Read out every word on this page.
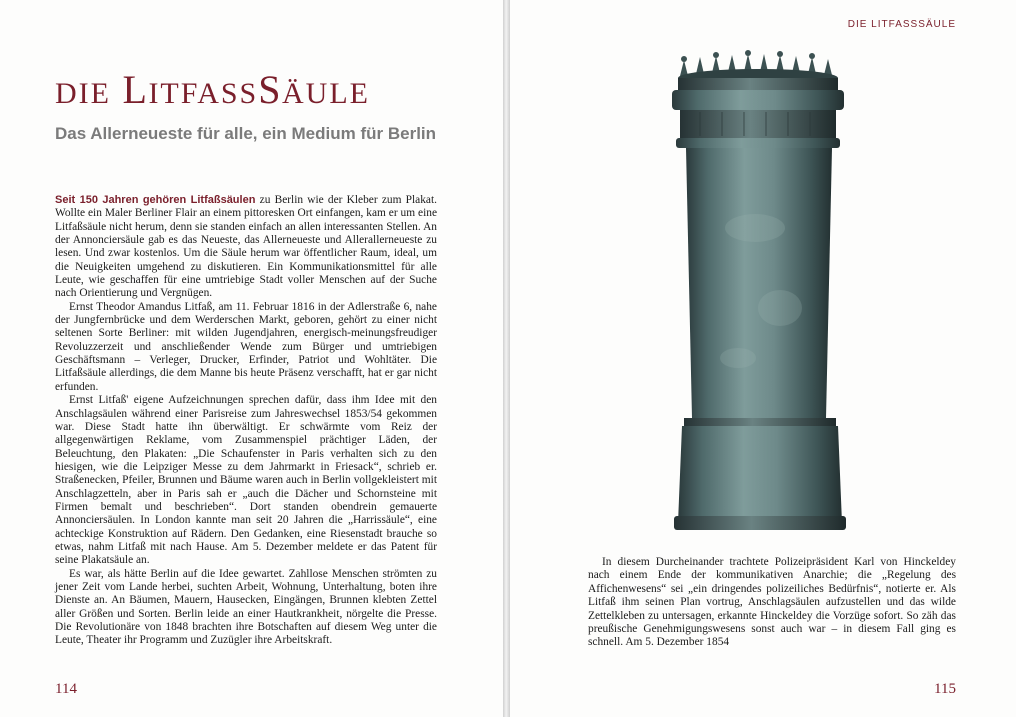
DIE LITFASSSÄULE
Das Allerneueste für alle, ein Medium für Berlin

Seit 150 Jahren gehören Litfaßsäulen zu Berlin wie der Kleber zum Plakat. Wollte ein Maler Berliner Flair an einem pittoresken Ort einfangen, kam er um eine Litfaßsäule nicht herum, denn sie standen einfach an allen interessanten Stellen. An der Annonciersäule gab es das Neueste, das Allerneueste und Allerallerneueste zu lesen. Und zwar kostenlos. Um die Säule herum war öffentlicher Raum, ideal, um die Neuigkeiten umgehend zu diskutieren. Ein Kommunikationsmittel für alle Leute, wie geschaffen für eine umtriebige Stadt voller Menschen auf der Suche nach Orientierung und Vergnügen.

Ernst Theodor Amandus Litfaß, am 11. Februar 1816 in der Adlerstraße 6, nahe der Jungfernbrücke und dem Werderschen Markt, geboren, gehört zu einer nicht seltenen Sorte Berliner: mit wilden Jugendjahren, energisch-meinungsfreudiger Revoluzzerzeit und anschließender Wende zum Bürger und umtriebigen Geschäftsmann – Verleger, Drucker, Erfinder, Patriot und Wohltäter. Die Litfaßsäule allerdings, die dem Manne bis heute Präsenz verschafft, hat er gar nicht erfunden.

Ernst Litfaß' eigene Aufzeichnungen sprechen dafür, dass ihm Idee mit den Anschlagsäulen während einer Parisreise zum Jahreswechsel 1853/54 gekommen war. Diese Stadt hatte ihn überwältigt. Er schwärmte vom Reiz der allgegenwärtigen Reklame, vom Zusammenspiel prächtiger Läden, der Beleuchtung, den Plakaten: „Die Schaufenster in Paris verhalten sich zu den hiesigen, wie die Leipziger Messe zu dem Jahrmarkt in Friesack“, schrieb er. Straßenecken, Pfeiler, Brunnen und Bäume waren auch in Berlin vollgekleistert mit Anschlagzetteln, aber in Paris sah er „auch die Dächer und Schornsteine mit Firmen bemalt und beschrieben“. Dort standen obendrein gemauerte Annonciersäulen. In London kannte man seit 20 Jahren die „Harrissäule“, eine achteckige Konstruktion auf Rädern. Den Gedanken, eine Riesenstadt brauche so etwas, nahm Litfaß mit nach Hause. Am 5. Dezember meldete er das Patent für seine Plakatsäule an.

Es war, als hätte Berlin auf die Idee gewartet. Zahllose Menschen strömten zu jener Zeit vom Lande herbei, suchten Arbeit, Wohnung, Unterhaltung, boten ihre Dienste an. An Bäumen, Mauern, Hausecken, Eingängen, Brunnen klebten Zettel aller Größen und Sorten. Berlin leide an einer Hautkrankheit, nörgelte die Presse. Die Revolutionäre von 1848 brachten ihre Botschaften auf diesem Weg unter die Leute, Theater ihr Programm und Zuzügler ihre Arbeitskraft.

114
DIE LITFASSSÄULE

In diesem Durcheinander trachtete Polizeipräsident Karl von Hinckeldey nach einem Ende der kommunikativen Anarchie; die „Regelung des Affichenwesens“ sei „ein dringendes polizeiliches Bedürfnis“, notierte er. Als Litfaß ihm seinen Plan vortrug, Anschlagsäulen aufzustellen und das wilde Zettelkleben zu untersagen, erkannte Hinckeldey die Vorzüge sofort. So zäh das preußische Genehmigungswesens sonst auch war – in diesem Fall ging es schnell. Am 5. Dezember 1854

115
